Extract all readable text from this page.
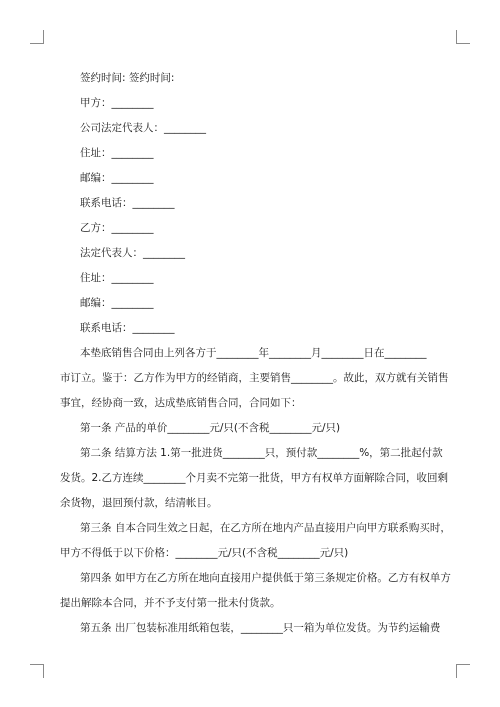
签约时间: 签约时间:
甲方：________
公司法定代表人：________
住址：________
邮编：________
联系电话：________
乙方：________
法定代表人：________
住址：________
邮编：________
联系电话：________
本垫底销售合同由上列各方于________年________月________日在________
市订立。鉴于：乙方作为甲方的经销商，主要销售________。故此，双方就有关销售
事宜，经协商一致，达成垫底销售合同，合同如下：
第一条 产品的单价________元/只(不含税________元/只)
第二条 结算方法 1.第一批进货________只，预付款________%，第二批起付款
发货。2.乙方连续________个月卖不完第一批货，甲方有权单方面解除合同，收回剩
余货物，退回预付款，结清帐目。
第三条 自本合同生效之日起，在乙方所在地内产品直接用户向甲方联系购买时，
甲方不得低于以下价格：________元/只(不含税________元/只)
第四条 如甲方在乙方所在地向直接用户提供低于第三条规定价格。乙方有权单方
提出解除本合同，并不予支付第一批未付货款。
第五条 出厂包装标准用纸箱包装，________只一箱为单位发货。为节约运输费
